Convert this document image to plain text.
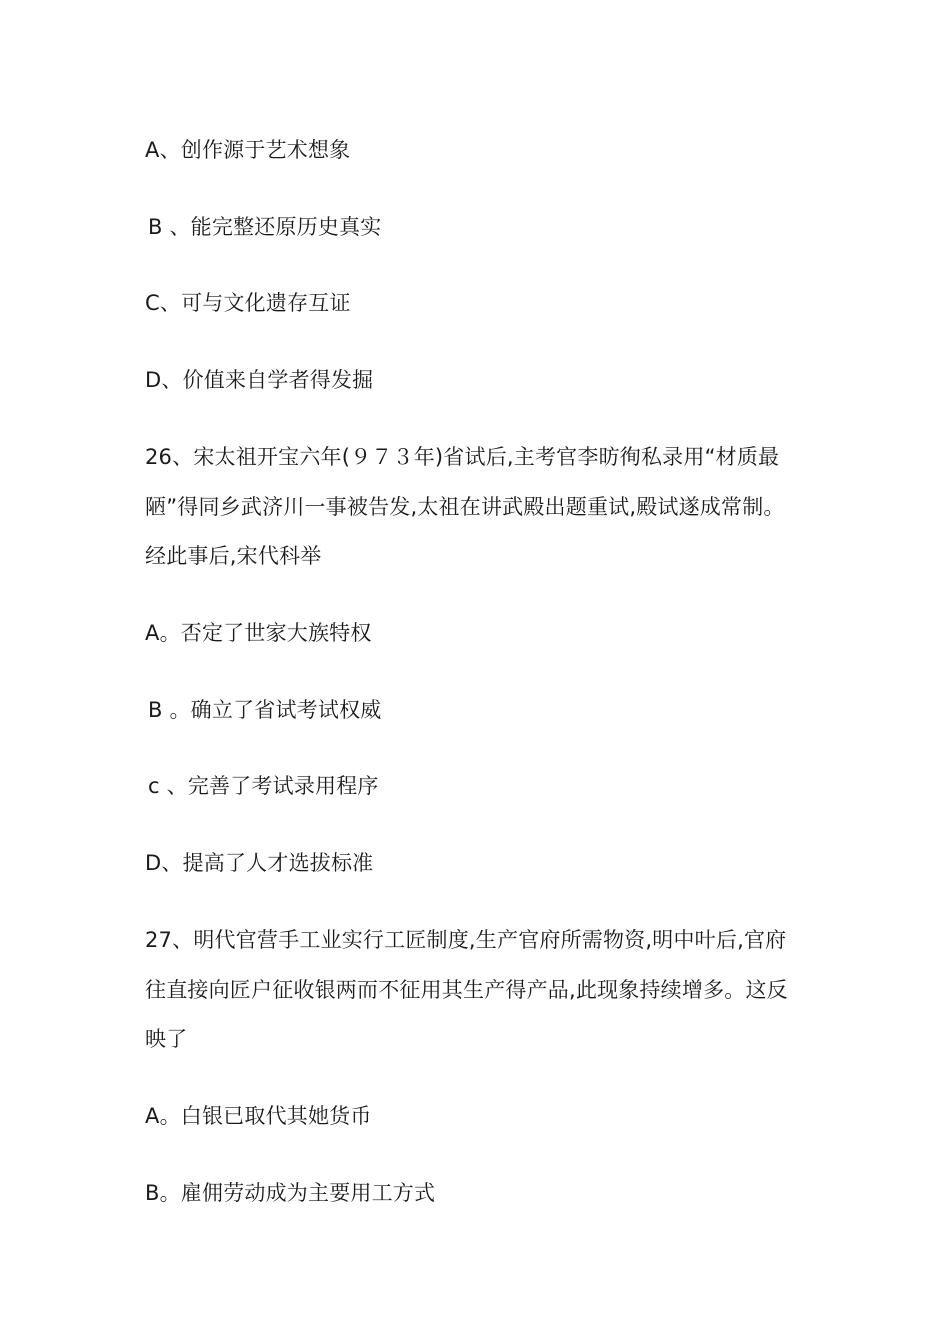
A、创作源于艺术想象
B 、能完整还原历史真实
C、可与文化遗存互证
D、价值来自学者得发掘
26、宋太祖开宝六年(９７３年)省试后,主考官李昉徇私录用“材质最
陋”得同乡武济川一事被告发,太祖在讲武殿出题重试,殿试遂成常制。
经此事后,宋代科举
A。否定了世家大族特权
B 。确立了省试考试权威
c 、完善了考试录用程序
D、提高了人才选拔标准
27、明代官营手工业实行工匠制度,生产官府所需物资,明中叶后,官府
往直接向匠户征收银两而不征用其生产得产品,此现象持续增多。这反
映了
A。白银已取代其她货币
B。雇佣劳动成为主要用工方式
